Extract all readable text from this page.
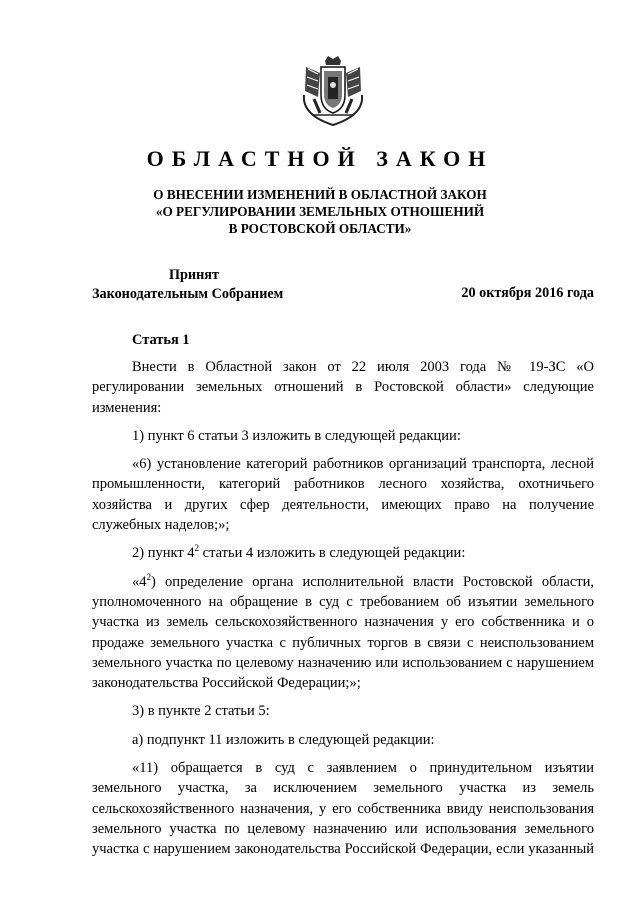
ОБЛАСТНОЙ ЗАКОН
О ВНЕСЕНИИ ИЗМЕНЕНИЙ В ОБЛАСТНОЙ ЗАКОН
«О РЕГУЛИРОВАНИИ ЗЕМЕЛЬНЫХ ОТНОШЕНИЙ
В РОСТОВСКОЙ ОБЛАСТИ»
Принят
Законодательным Собранием	20 октября 2016 года
Статья 1

Внести в Областной закон от 22 июля 2003 года № 19-ЗС «О регулировании земельных отношений в Ростовской области» следующие изменения:

1) пункт 6 статьи 3 изложить в следующей редакции:

«6) установление категорий работников организаций транспорта, лесной промышленности, категорий работников лесного хозяйства, охотничьего хозяйства и других сфер деятельности, имеющих право на получение служебных наделов;»;

2) пункт $4^2$ статьи 4 изложить в следующей редакции:

«$4^2$) определение органа исполнительной власти Ростовской области, уполномоченного на обращение в суд с требованием об изъятии земельного участка из земель сельскохозяйственного назначения у его собственника и о продаже земельного участка с публичных торгов в связи с неиспользованием земельного участка по целевому назначению или использованием с нарушением законодательства Российской Федерации;»;

3) в пункте 2 статьи 5:

а) подпункт 11 изложить в следующей редакции:

«11) обращается в суд с заявлением о принудительном изъятии земельного участка, за исключением земельного участка из земель сельскохозяйственного назначения, у его собственника ввиду неиспользования земельного участка по целевому назначению или использования земельного участка с нарушением законодательства Российской Федерации, если указанный
